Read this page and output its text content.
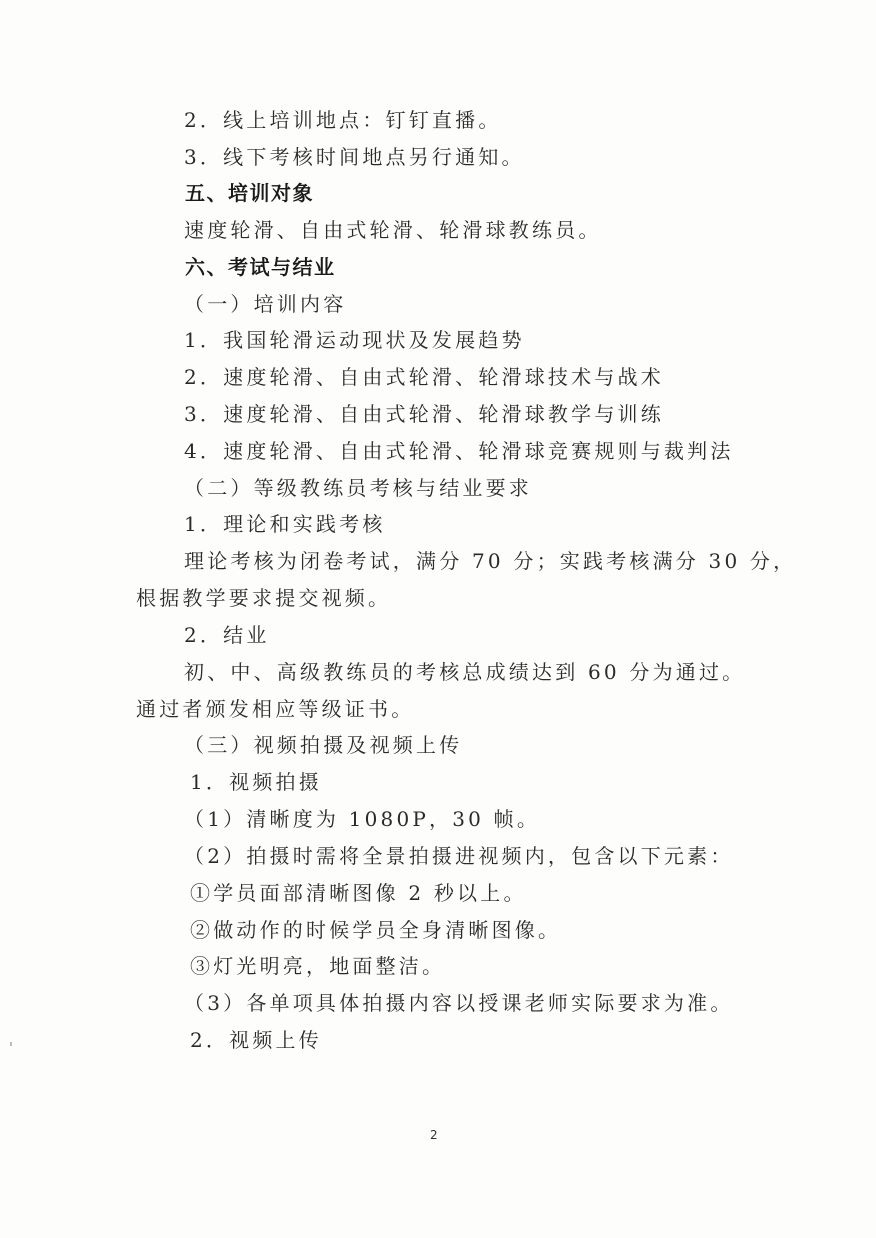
2．线上培训地点：钉钉直播。
3．线下考核时间地点另行通知。
五、培训对象
速度轮滑、自由式轮滑、轮滑球教练员。
六、考试与结业
（一）培训内容
1．我国轮滑运动现状及发展趋势
2．速度轮滑、自由式轮滑、轮滑球技术与战术
3．速度轮滑、自由式轮滑、轮滑球教学与训练
4．速度轮滑、自由式轮滑、轮滑球竞赛规则与裁判法
（二）等级教练员考核与结业要求
1．理论和实践考核
理论考核为闭卷考试，满分 70 分；实践考核满分 30 分，
根据教学要求提交视频。
2．结业
初、中、高级教练员的考核总成绩达到 60 分为通过。
通过者颁发相应等级证书。
（三）视频拍摄及视频上传
1．视频拍摄
（1）清晰度为 1080P，30 帧。
（2）拍摄时需将全景拍摄进视频内，包含以下元素：
①学员面部清晰图像 2 秒以上。
②做动作的时候学员全身清晰图像。
③灯光明亮，地面整洁。
（3）各单项具体拍摄内容以授课老师实际要求为准。
2．视频上传
2
